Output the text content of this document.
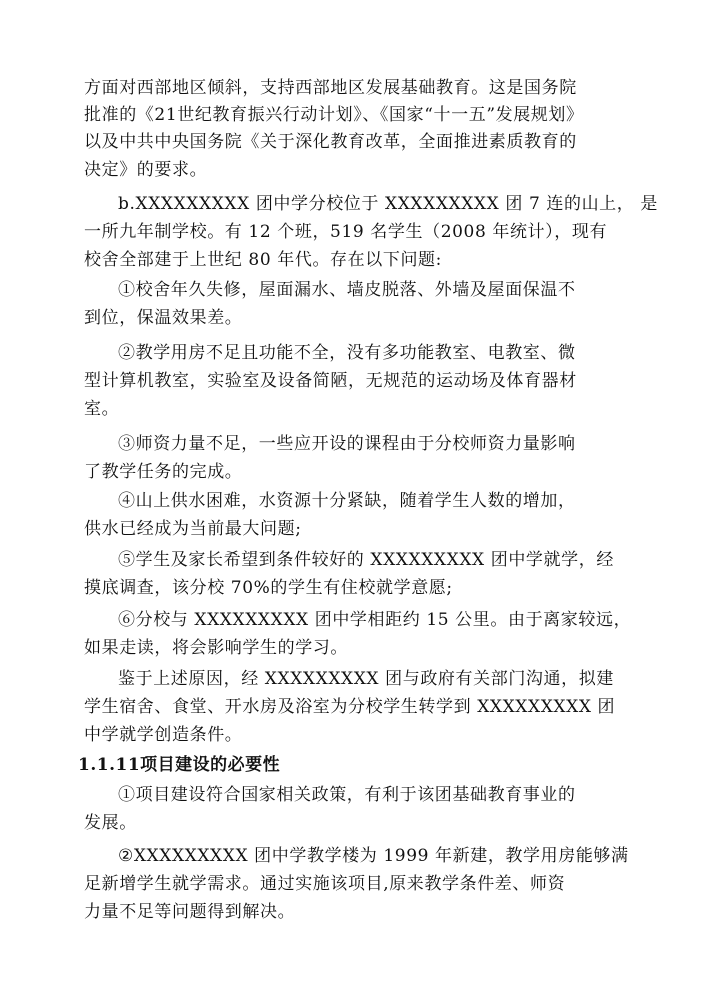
方面对西部地区倾斜，支持西部地区发展基础教育。这是国务院
批准的《21世纪教育振兴行动计划》、《国家“十一五”发展规划》
以及中共中央国务院《关于深化教育改革，全面推进素质教育的
决定》的要求。
b.XXXXXXXXX 团中学分校位于 XXXXXXXXX 团 7 连的山上， 是
一所九年制学校。有 12 个班，519 名学生（2008 年统计），现有
校舍全部建于上世纪 80 年代。存在以下问题:
①校舍年久失修，屋面漏水、墙皮脱落、外墙及屋面保温不
到位，保温效果差。
②教学用房不足且功能不全，没有多功能教室、电教室、微
型计算机教室，实验室及设备简陋，无规范的运动场及体育器材
室。
③师资力量不足，一些应开设的课程由于分校师资力量影响
了教学任务的完成。
④山上供水困难，水资源十分紧缺，随着学生人数的增加，
供水已经成为当前最大问题;
⑤学生及家长希望到条件较好的 XXXXXXXXX 团中学就学，经
摸底调查，该分校 70%的学生有住校就学意愿;
⑥分校与 XXXXXXXXX 团中学相距约 15 公里。由于离家较远，
如果走读，将会影响学生的学习。
鉴于上述原因，经 XXXXXXXXX 团与政府有关部门沟通，拟建
学生宿舍、食堂、开水房及浴室为分校学生转学到 XXXXXXXXX 团
中学就学创造条件。
1.1.11项目建设的必要性
①项目建设符合国家相关政策，有利于该团基础教育事业的
发展。
②XXXXXXXXX 团中学教学楼为 1999 年新建，教学用房能够满
足新增学生就学需求。通过实施该项目,原来教学条件差、师资
力量不足等问题得到解决。
